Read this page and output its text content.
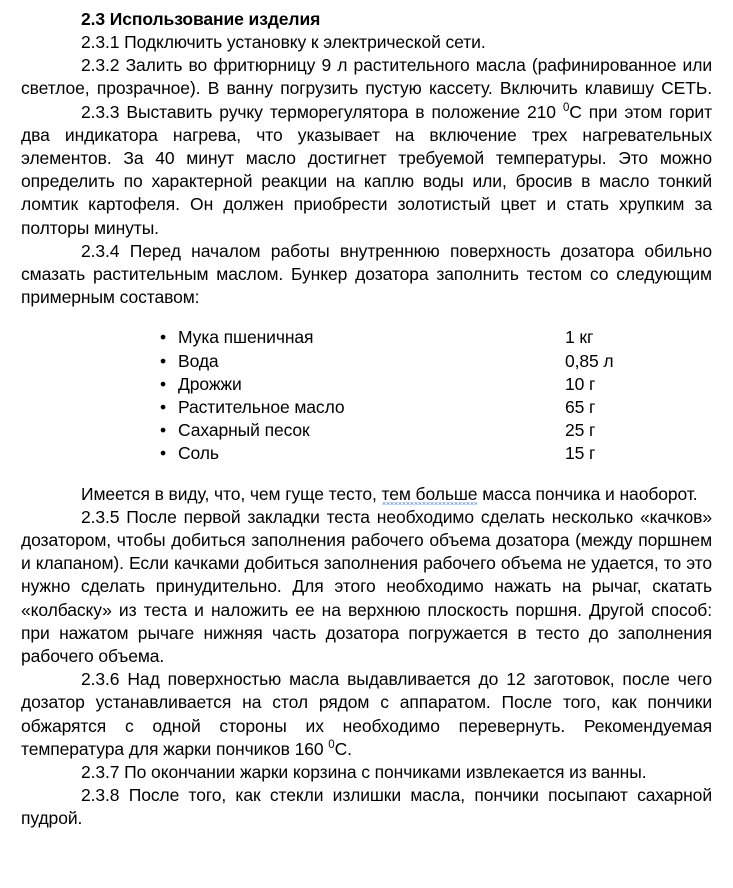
2.3 Использование изделия

2.3.1 Подключить установку к электрической сети.

2.3.2 Залить во фритюрницу 9 л растительного масла (рафинированное или светлое, прозрачное). В ванну погрузить пустую кассету. Включить клавишу СЕТЬ.

2.3.3 Выставить ручку терморегулятора в положение 210 $^0$С при этом горит два индикатора нагрева, что указывает на включение трех нагревательных элементов. За 40 минут масло достигнет требуемой температуры. Это можно определить по характерной реакции на каплю воды или, бросив в масло тонкий ломтик картофеля. Он должен приобрести золотистый цвет и стать хрупким за полторы минуты.

2.3.4 Перед началом работы внутреннюю поверхность дозатора обильно смазать растительным маслом. Бункер дозатора заполнить тестом со следующим примерным составом:

• Мука пшеничная	1 кг
• Вода	0,85 л
• Дрожжи	10 г
• Растительное масло	65 г
• Сахарный песок	25 г
• Соль	15 г

Имеется в виду, что, чем гуще тесто, тем больше масса пончика и наоборот.

2.3.5 После первой закладки теста необходимо сделать несколько «качков» дозатором, чтобы добиться заполнения рабочего объема дозатора (между поршнем и клапаном). Если качками добиться заполнения рабочего объема не удается, то это нужно сделать принудительно. Для этого необходимо нажать на рычаг, скатать «колбаску» из теста и наложить ее на верхнюю плоскость поршня. Другой способ: при нажатом рычаге нижняя часть дозатора погружается в тесто до заполнения рабочего объема.

2.3.6 Над поверхностью масла выдавливается до 12 заготовок, после чего дозатор устанавливается на стол рядом с аппаратом. После того, как пончики обжарятся с одной стороны их необходимо перевернуть. Рекомендуемая температура для жарки пончиков 160 $^0$С.

2.3.7 По окончании жарки корзина с пончиками извлекается из ванны.

2.3.8 После того, как стекли излишки масла, пончики посыпают сахарной пудрой.
